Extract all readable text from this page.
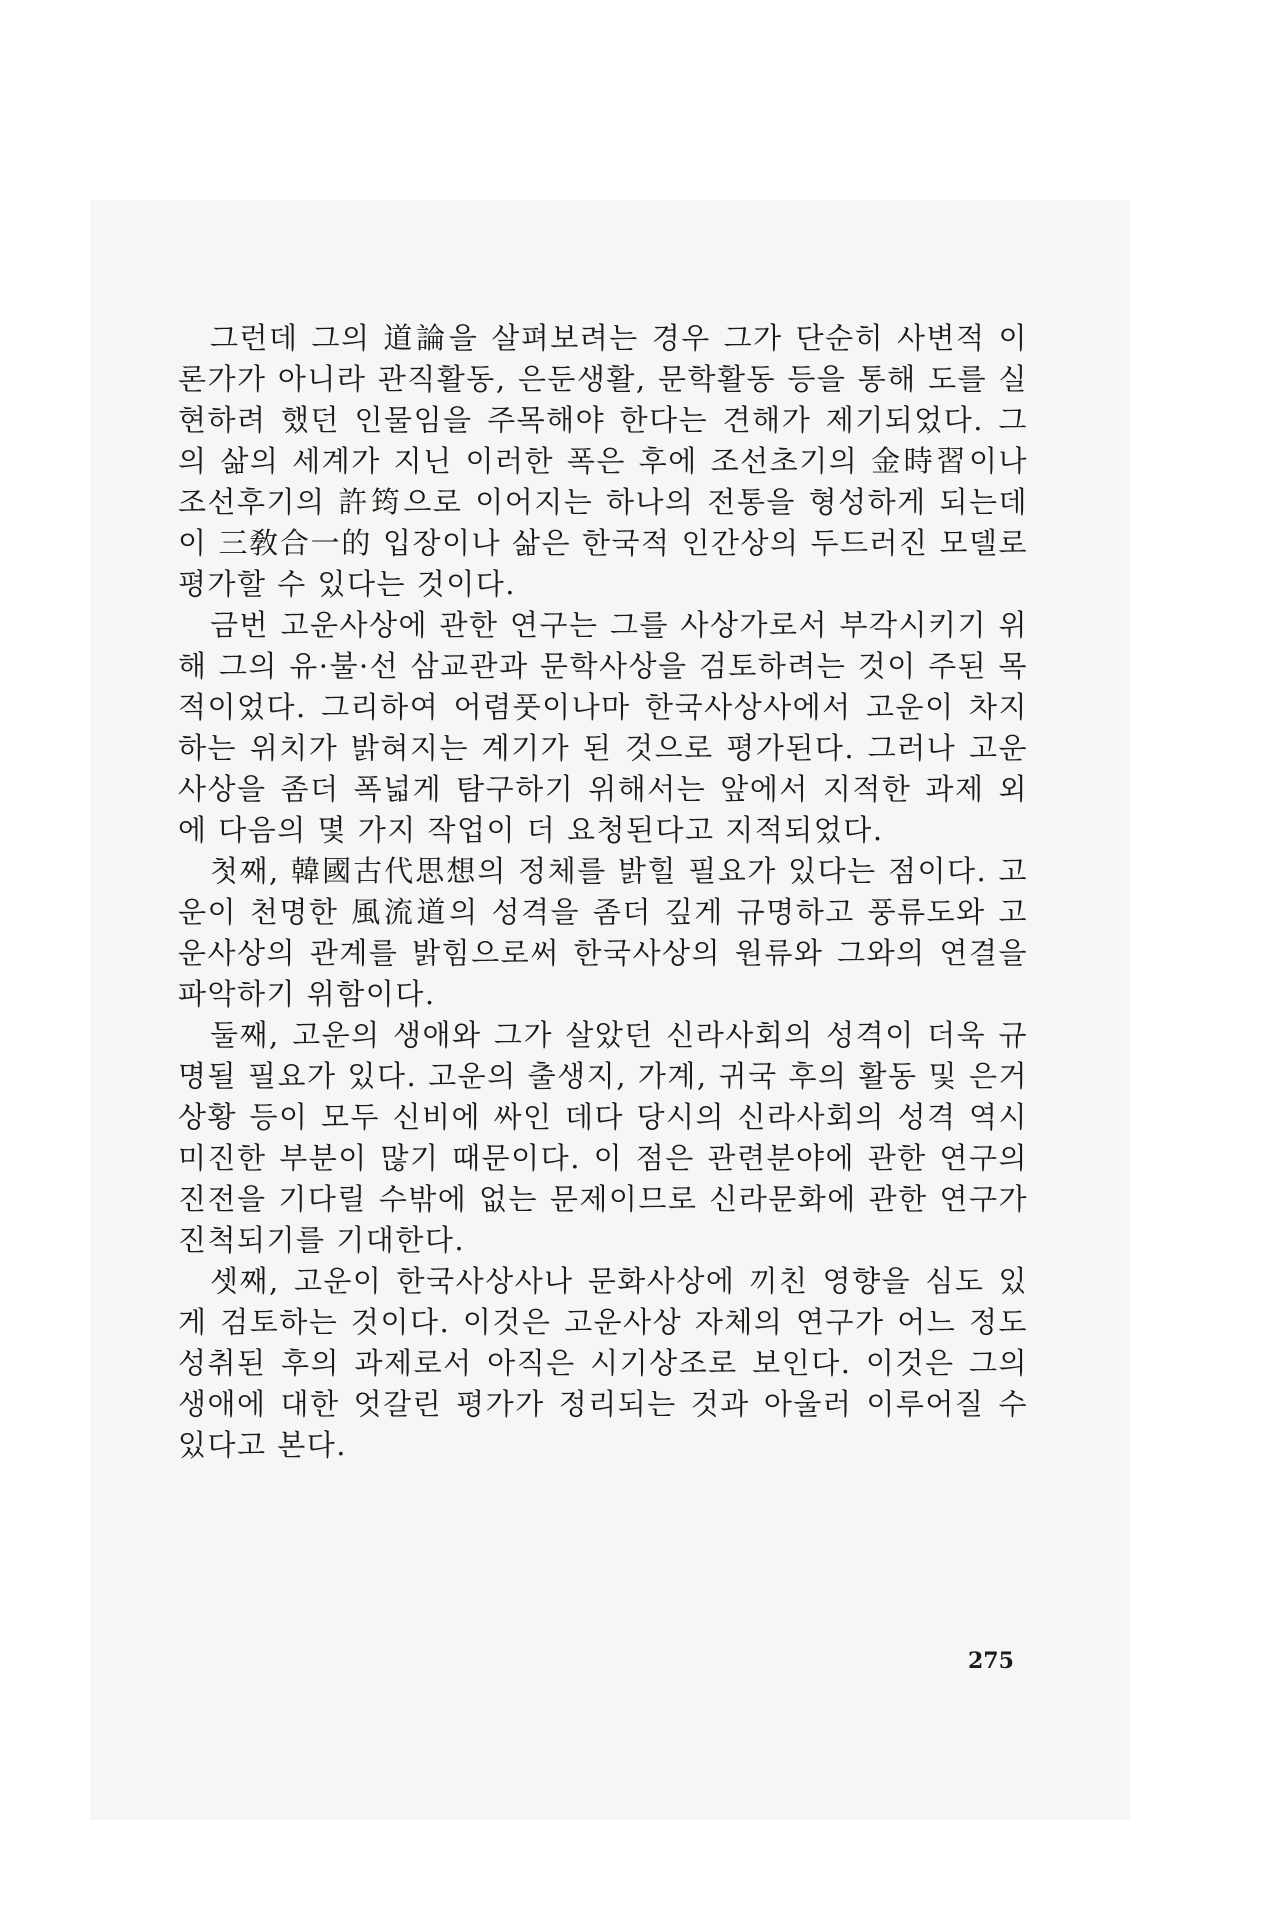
그런데 그의 道論을 살펴보려는 경우 그가 단순히 사변적 이론가가 아니라 관직활동, 은둔생활, 문학활동 등을 통해 도를 실현하려 했던 인물임을 주목해야 한다는 견해가 제기되었다. 그의 삶의 세계가 지닌 이러한 폭은 후에 조선초기의 金時習이나 조선후기의 許筠으로 이어지는 하나의 전통을 형성하게 되는데 이 三敎合一的 입장이나 삶은 한국적 인간상의 두드러진 모델로 평가할 수 있다는 것이다.

금번 고운사상에 관한 연구는 그를 사상가로서 부각시키기 위해 그의 유·불·선 삼교관과 문학사상을 검토하려는 것이 주된 목적이었다. 그리하여 어렴풋이나마 한국사상사에서 고운이 차지하는 위치가 밝혀지는 계기가 된 것으로 평가된다. 그러나 고운사상을 좀더 폭넓게 탐구하기 위해서는 앞에서 지적한 과제 외에 다음의 몇 가지 작업이 더 요청된다고 지적되었다.

첫째, 韓國古代思想의 정체를 밝힐 필요가 있다는 점이다. 고운이 천명한 風流道의 성격을 좀더 깊게 규명하고 풍류도와 고운사상의 관계를 밝힘으로써 한국사상의 원류와 그와의 연결을 파악하기 위함이다.

둘째, 고운의 생애와 그가 살았던 신라사회의 성격이 더욱 규명될 필요가 있다. 고운의 출생지, 가계, 귀국 후의 활동 및 은거상황 등이 모두 신비에 싸인 데다 당시의 신라사회의 성격 역시 미진한 부분이 많기 때문이다. 이 점은 관련분야에 관한 연구의 진전을 기다릴 수밖에 없는 문제이므로 신라문화에 관한 연구가 진척되기를 기대한다.

셋째, 고운이 한국사상사나 문화사상에 끼친 영향을 심도 있게 검토하는 것이다. 이것은 고운사상 자체의 연구가 어느 정도 성취된 후의 과제로서 아직은 시기상조로 보인다. 이것은 그의 생애에 대한 엇갈린 평가가 정리되는 것과 아울러 이루어질 수 있다고 본다.

275
